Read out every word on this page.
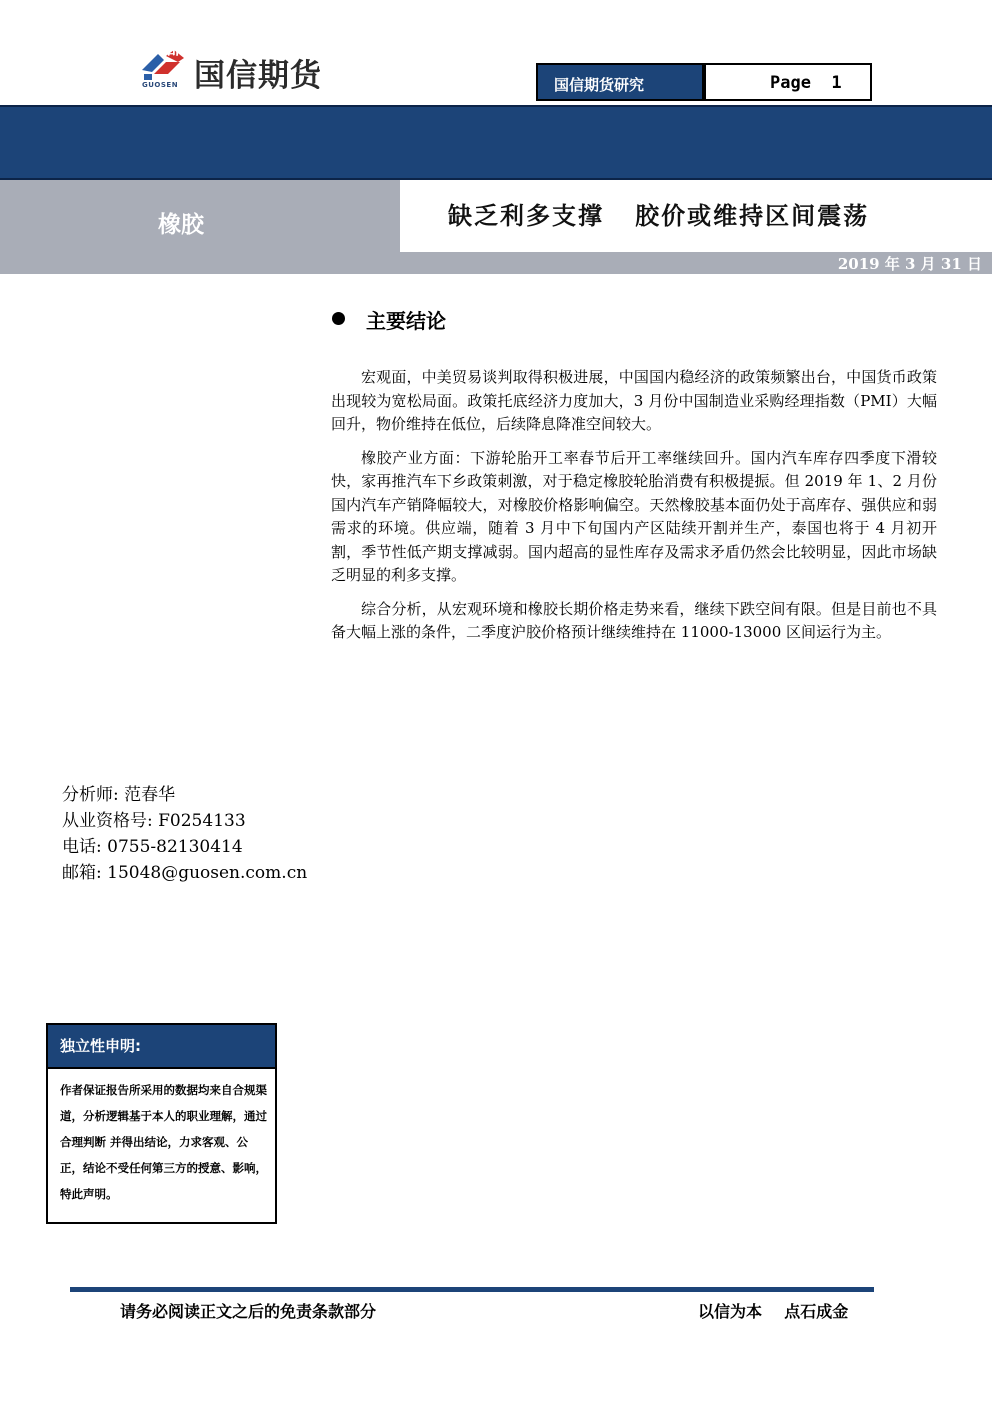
国信期货
GUOSEN	国信期货研究	Page  1
国信期货研发部橡胶季报
橡胶	缺乏利多支撑   胶价或维持区间震荡
2019 年 3 月 31 日
主要结论

宏观面，中美贸易谈判取得积极进展，中国国内稳经济的政策频繁出台，中国货币政策出现较为宽松局面。政策托底经济力度加大，3 月份中国制造业采购经理指数（PMI）大幅回升，物价维持在低位，后续降息降准空间较大。

橡胶产业方面：下游轮胎开工率春节后开工率继续回升。国内汽车库存四季度下滑较快，家再推汽车下乡政策刺激，对于稳定橡胶轮胎消费有积极提振。但 2019 年 1、2 月份国内汽车产销降幅较大，对橡胶价格影响偏空。天然橡胶基本面仍处于高库存、强供应和弱需求的环境。供应端，随着 3 月中下旬国内产区陆续开割并生产，泰国也将于 4 月初开割，季节性低产期支撑减弱。国内超高的显性库存及需求矛盾仍然会比较明显，因此市场缺乏明显的利多支撑。

综合分析，从宏观环境和橡胶长期价格走势来看，继续下跌空间有限。但是目前也不具备大幅上涨的条件，二季度沪胶价格预计继续维持在 11000-13000 区间运行为主。

分析师: 范春华
从业资格号: F0254133
电话: 0755-82130414
邮箱: 15048@guosen.com.cn
独立性申明:
作者保证报告所采用的数据均来自合规渠道，分析逻辑基于本人的职业理解，通过合理判断 并得出结论，力求客观、公正，结论不受任何第三方的授意、影响，特此声明。
请务必阅读正文之后的免责条款部分	以信为本    点石成金
